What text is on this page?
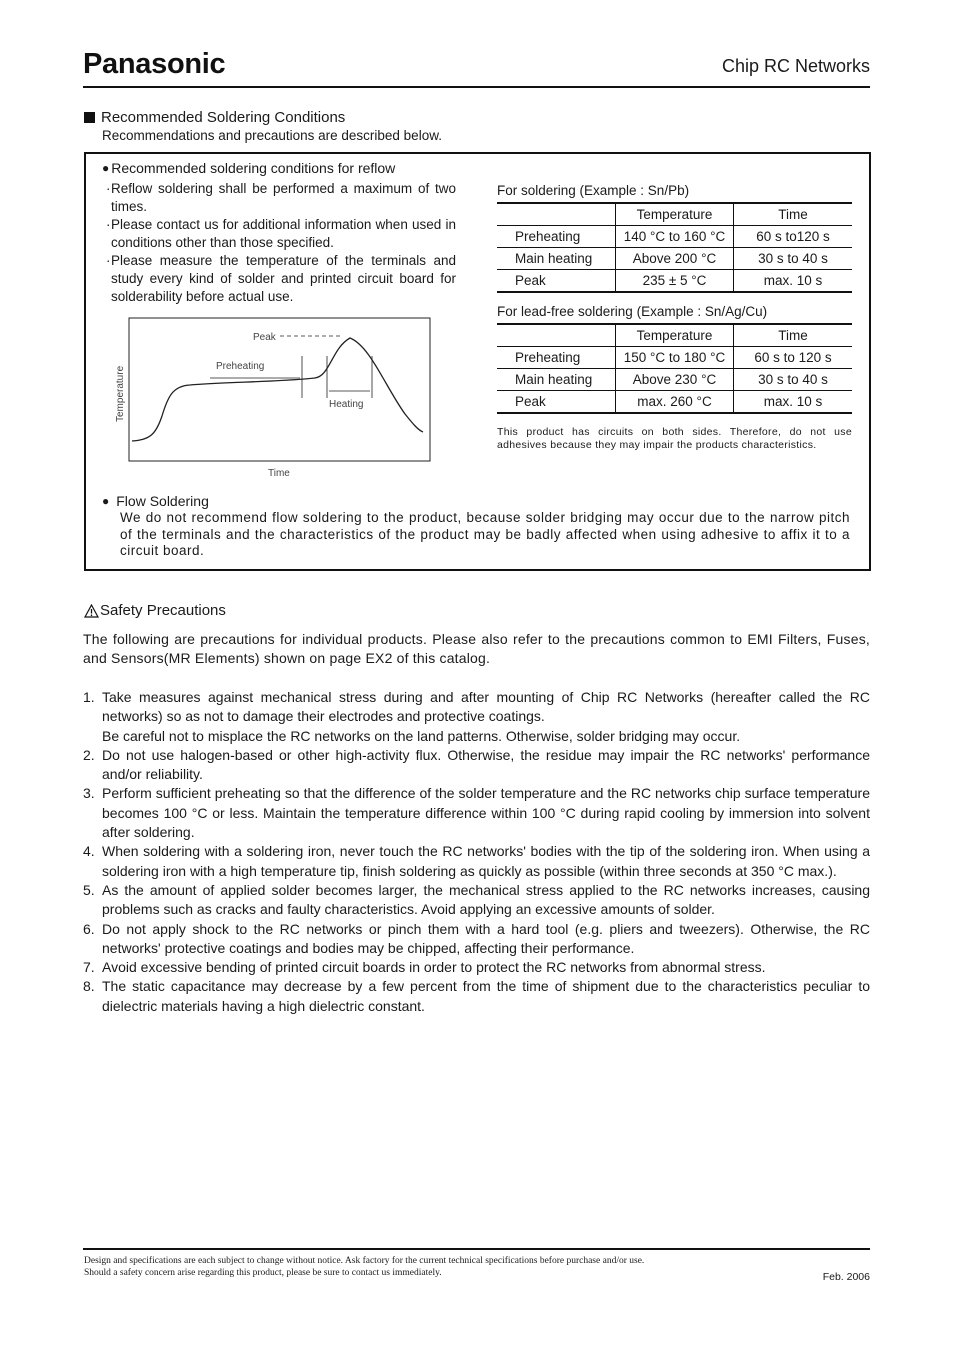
Panasonic	Chip RC Networks
Recommended Soldering Conditions
Recommendations and precautions are described below.
● Recommended soldering conditions for reflow
· Reflow soldering shall be performed a maximum of two times.
· Please contact us for additional information when used in conditions other than those specified.
· Please measure the temperature of the terminals and study every kind of solder and printed circuit board for solderability before actual use.
Peak
Preheating
Heating
Temperature
Time
For soldering (Example : Sn/Pb)
	Temperature	Time
Preheating	140 °C to 160 °C	60 s to120 s
Main heating	Above 200 °C	30 s to 40 s
Peak	235 ± 5 °C	max. 10 s
For lead-free soldering (Example : Sn/Ag/Cu)
	Temperature	Time
Preheating	150 °C to 180 °C	60 s to 120 s
Main heating	Above 230 °C	30 s to 40 s
Peak	max. 260 °C	max. 10 s
This product has circuits on both sides. Therefore, do not use adhesives because they may impair the products characteristics.
● Flow Soldering
We do not recommend flow soldering to the product, because solder bridging may occur due to the narrow pitch of the terminals and the characteristics of the product may be badly affected when using adhesive to affix it to a circuit board.
Safety Precautions
The following are precautions for individual products. Please also refer to the precautions common to EMI Filters, Fuses, and Sensors(MR Elements) shown on page EX2 of this catalog.
1. Take measures against mechanical stress during and after mounting of Chip RC Networks (hereafter called the RC networks) so as not to damage their electrodes and protective coatings.
Be careful not to misplace the RC networks on the land patterns. Otherwise, solder bridging may occur.
2. Do not use halogen-based or other high-activity flux. Otherwise, the residue may impair the RC networks' performance and/or reliability.
3. Perform sufficient preheating so that the difference of the solder temperature and the RC networks chip surface temperature becomes 100 °C or less. Maintain the temperature difference within 100 °C during rapid cooling by immersion into solvent after soldering.
4. When soldering with a soldering iron, never touch the RC networks' bodies with the tip of the soldering iron. When using a soldering iron with a high temperature tip, finish soldering as quickly as possible (within three seconds at 350 °C max.).
5. As the amount of applied solder becomes larger, the mechanical stress applied to the RC networks increases, causing problems such as cracks and faulty characteristics. Avoid applying an excessive amounts of solder.
6. Do not apply shock to the RC networks or pinch them with a hard tool (e.g. pliers and tweezers). Otherwise, the RC networks' protective coatings and bodies may be chipped, affecting their performance.
7. Avoid excessive bending of printed circuit boards in order to protect the RC networks from abnormal stress.
8. The static capacitance may decrease by a few percent from the time of shipment due to the characteristics peculiar to dielectric materials having a high dielectric constant.
Design and specifications are each subject to change without notice. Ask factory for the current technical specifications before purchase and/or use.
Should a safety concern arise regarding this product, please be sure to contact us immediately.	Feb. 2006
